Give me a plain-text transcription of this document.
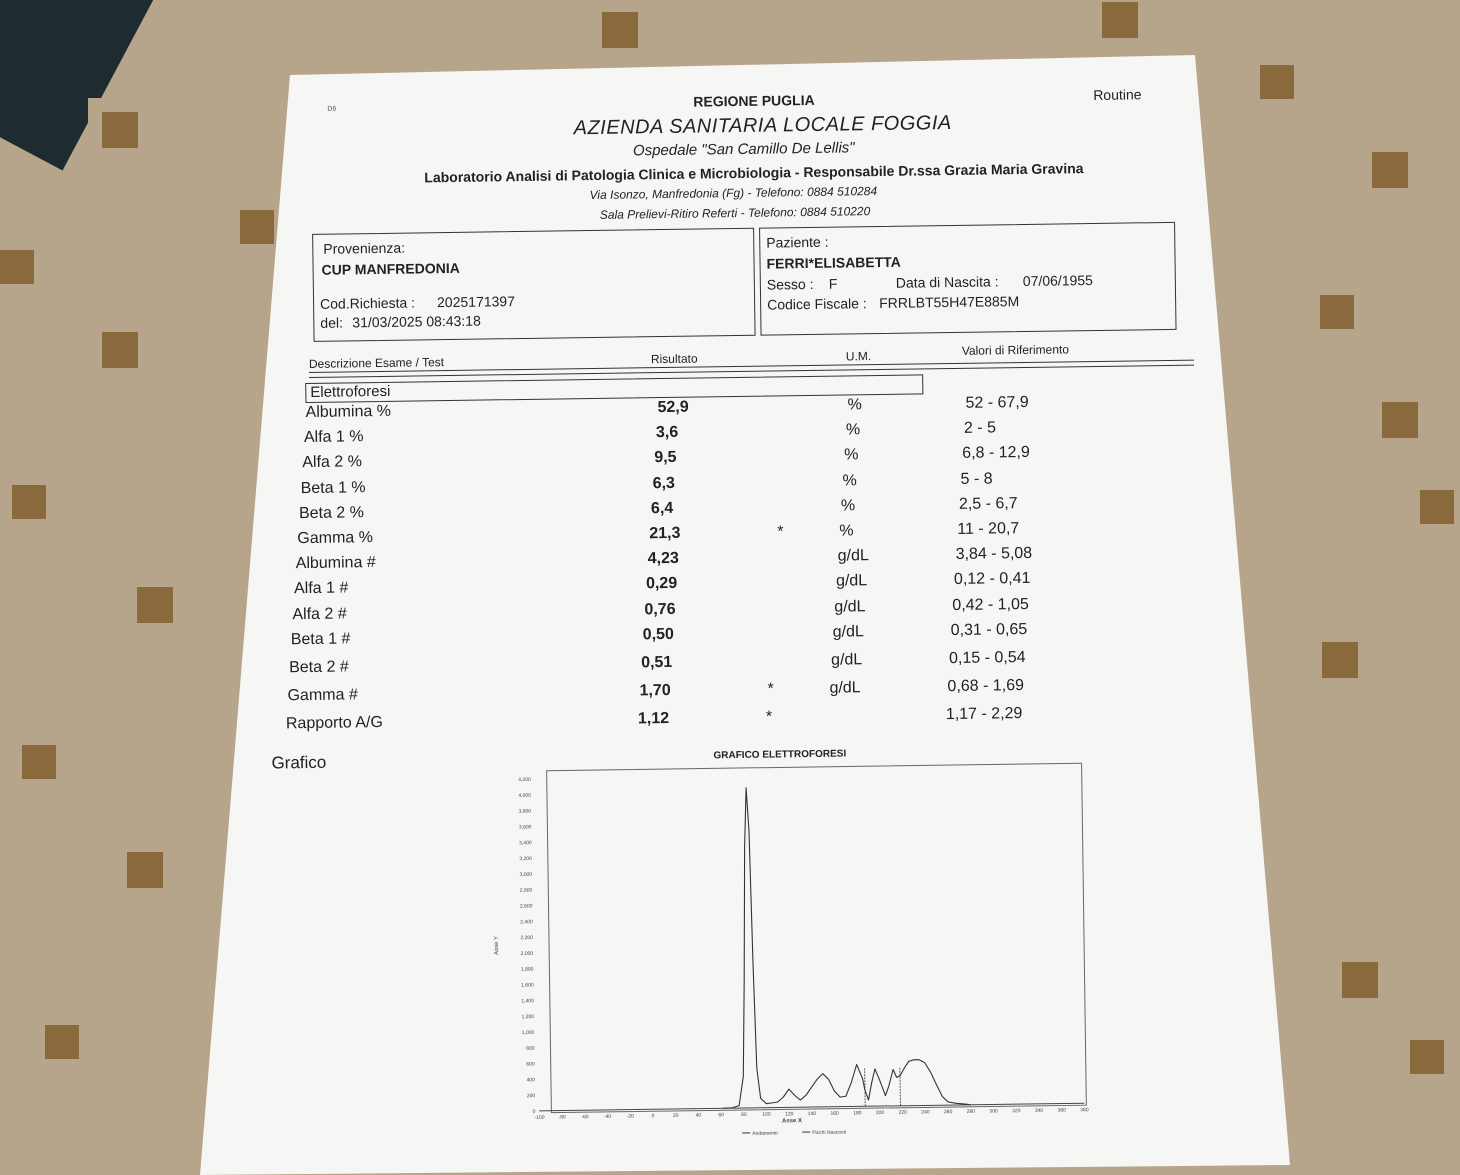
D6	REGIONE PUGLIA	Routine
AZIENDA SANITARIA LOCALE FOGGIA
Ospedale "San Camillo De Lellis"
Laboratorio Analisi di Patologia Clinica e Microbiologia - Responsabile Dr.ssa Grazia Maria Gravina
Via Isonzo, Manfredonia (Fg) - Telefono: 0884 510284
Sala Prelievi-Ritiro Referti - Telefono: 0884 510220
Provenienza:
CUP MANFREDONIA
Cod.Richiesta : 2025171397
del: 31/03/2025 08:43:18
Paziente :
FERRI*ELISABETTA
Sesso : F	Data di Nascita : 07/06/1955
Codice Fiscale : FRRLBT55H47E885M
Descrizione Esame / Test	Risultato	U.M.	Valori di Riferimento
Elettroforesi
Albumina %	52,9	%	52 - 67,9
Alfa 1 %	3,6	%	2 - 5
Alfa 2 %	9,5	%	6,8 - 12,9
Beta 1 %	6,3	%	5 - 8
Beta 2 %	6,4	%	2,5 - 6,7
Gamma %	21,3	*	%	11 - 20,7
Albumina #	4,23	g/dL	3,84 - 5,08
Alfa 1 #	0,29	g/dL	0,12 - 0,41
Alfa 2 #	0,76	g/dL	0,42 - 1,05
Beta 1 #	0,50	g/dL	0,31 - 0,65
Beta 2 #	0,51	g/dL	0,15 - 0,54
Gamma #	1,70	*	g/dL	0,68 - 1,69
Rapporto A/G	1,12	*	1,17 - 2,29
Grafico	GRAFICO ELETTROFORESI
0
200
400
600
800
1,000
1,200
1,400
1,600
1,800
2,000
2,200
2,400
2,600
2,800
3,000
3,200
3,400
3,600
3,800
4,000
4,200
-100	-80	-60	-40	-20	0	20	40	60	80	100	120	140	160	180	200	220	240	260	280	300	320	340	360	380
Asse Y
Asse X
Andamento	Picchi Nascosti
